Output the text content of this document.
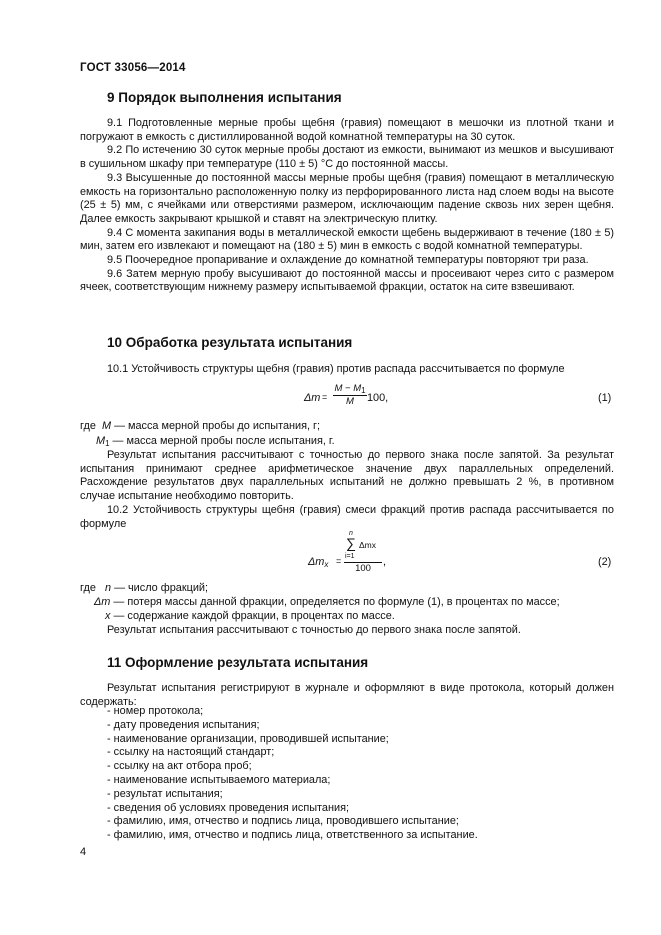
ГОСТ 33056—2014
9 Порядок выполнения испытания

9.1 Подготовленные мерные пробы щебня (гравия) помещают в мешочки из плотной ткани и погружают в емкость с дистиллированной водой комнатной температуры на 30 суток.

9.2 По истечению 30 суток мерные пробы достают из емкости, вынимают из мешков и высушивают в сушильном шкафу при температуре (110 ± 5) °С до постоянной массы.

9.3 Высушенные до постоянной массы мерные пробы щебня (гравия) помещают в металлическую емкость на горизонтально расположенную полку из перфорированного листа над слоем воды на высоте (25 ± 5) мм, с ячейками или отверстиями размером, исключающим падение сквозь них зерен щебня. Далее емкость закрывают крышкой и ставят на электрическую плитку.

9.4 С момента закипания воды в металлической емкости щебень выдерживают в течение (180 ± 5) мин, затем его извлекают и помещают на (180 ± 5) мин в емкость с водой комнатной температуры.

9.5 Поочередное пропаривание и охлаждение до комнатной температуры повторяют три раза.

9.6 Затем мерную пробу высушивают до постоянной массы и просеивают через сито с размером ячеек, соответствующим нижнему размеру испытываемой фракции, остаток на сите взвешивают.

10 Обработка результата испытания

10.1 Устойчивость структуры щебня (гравия) против распада рассчитывается по формуле

$\Delta m = \frac{M - M_1}{M} 100$,	(1)
где M — масса мерной пробы до испытания, г;
$M_1$ — масса мерной пробы после испытания, г.

Результат испытания рассчитывают с точностью до первого знака после запятой. За результат испытания принимают среднее арифметическое значение двух параллельных определений. Расхождение результатов двух параллельных испытаний не должно превышать 2 %, в противном случае испытание необходимо повторить.

10.2 Устойчивость структуры щебня (гравия) смеси фракций против распада рассчитывается по формуле

$\Delta m_x$ =
n
∑
i=1
Δmx
100
,	(2)
где n — число фракций;
Δm — потеря массы данной фракции, определяется по формуле (1), в процентах по массе;
x — содержание каждой фракции, в процентах по массе.
Результат испытания рассчитывают с точностью до первого знака после запятой.
11 Оформление результата испытания

Результат испытания регистрируют в журнале и оформляют в виде протокола, который должен содержать:

- номер протокола;
- дату проведения испытания;
- наименование организации, проводившей испытание;
- ссылку на настоящий стандарт;
- ссылку на акт отбора проб;
- наименование испытываемого материала;
- результат испытания;
- сведения об условиях проведения испытания;
- фамилию, имя, отчество и подпись лица, проводившего испытание;
- фамилию, имя, отчество и подпись лица, ответственного за испытание.
4
